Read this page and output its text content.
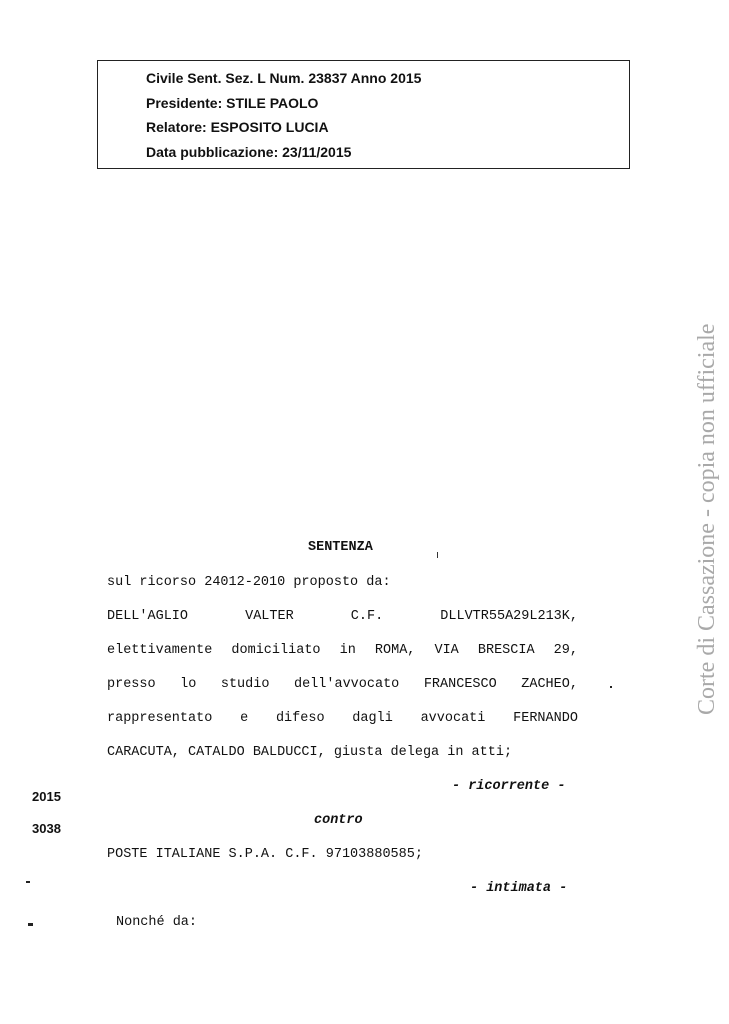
Civile Sent. Sez. L Num. 23837 Anno 2015
Presidente: STILE PAOLO
Relatore: ESPOSITO LUCIA
Data pubblicazione: 23/11/2015
Corte di Cassazione - copia non ufficiale
SENTENZA
sul ricorso 24012-2010 proposto da:
DELL'AGLIO	VALTER	C.F.	DLLVTR55A29L213K,
elettivamente domiciliato in ROMA, VIA BRESCIA 29,
presso lo studio dell'avvocato FRANCESCO ZACHEO,
rappresentato e difeso dagli avvocati FERNANDO
CARACUTA, CATALDO BALDUCCI, giusta delega in atti;
- ricorrente -
2015
contro
3038
POSTE ITALIANE S.P.A. C.F. 97103880585;
- intimata -
Nonché da:
